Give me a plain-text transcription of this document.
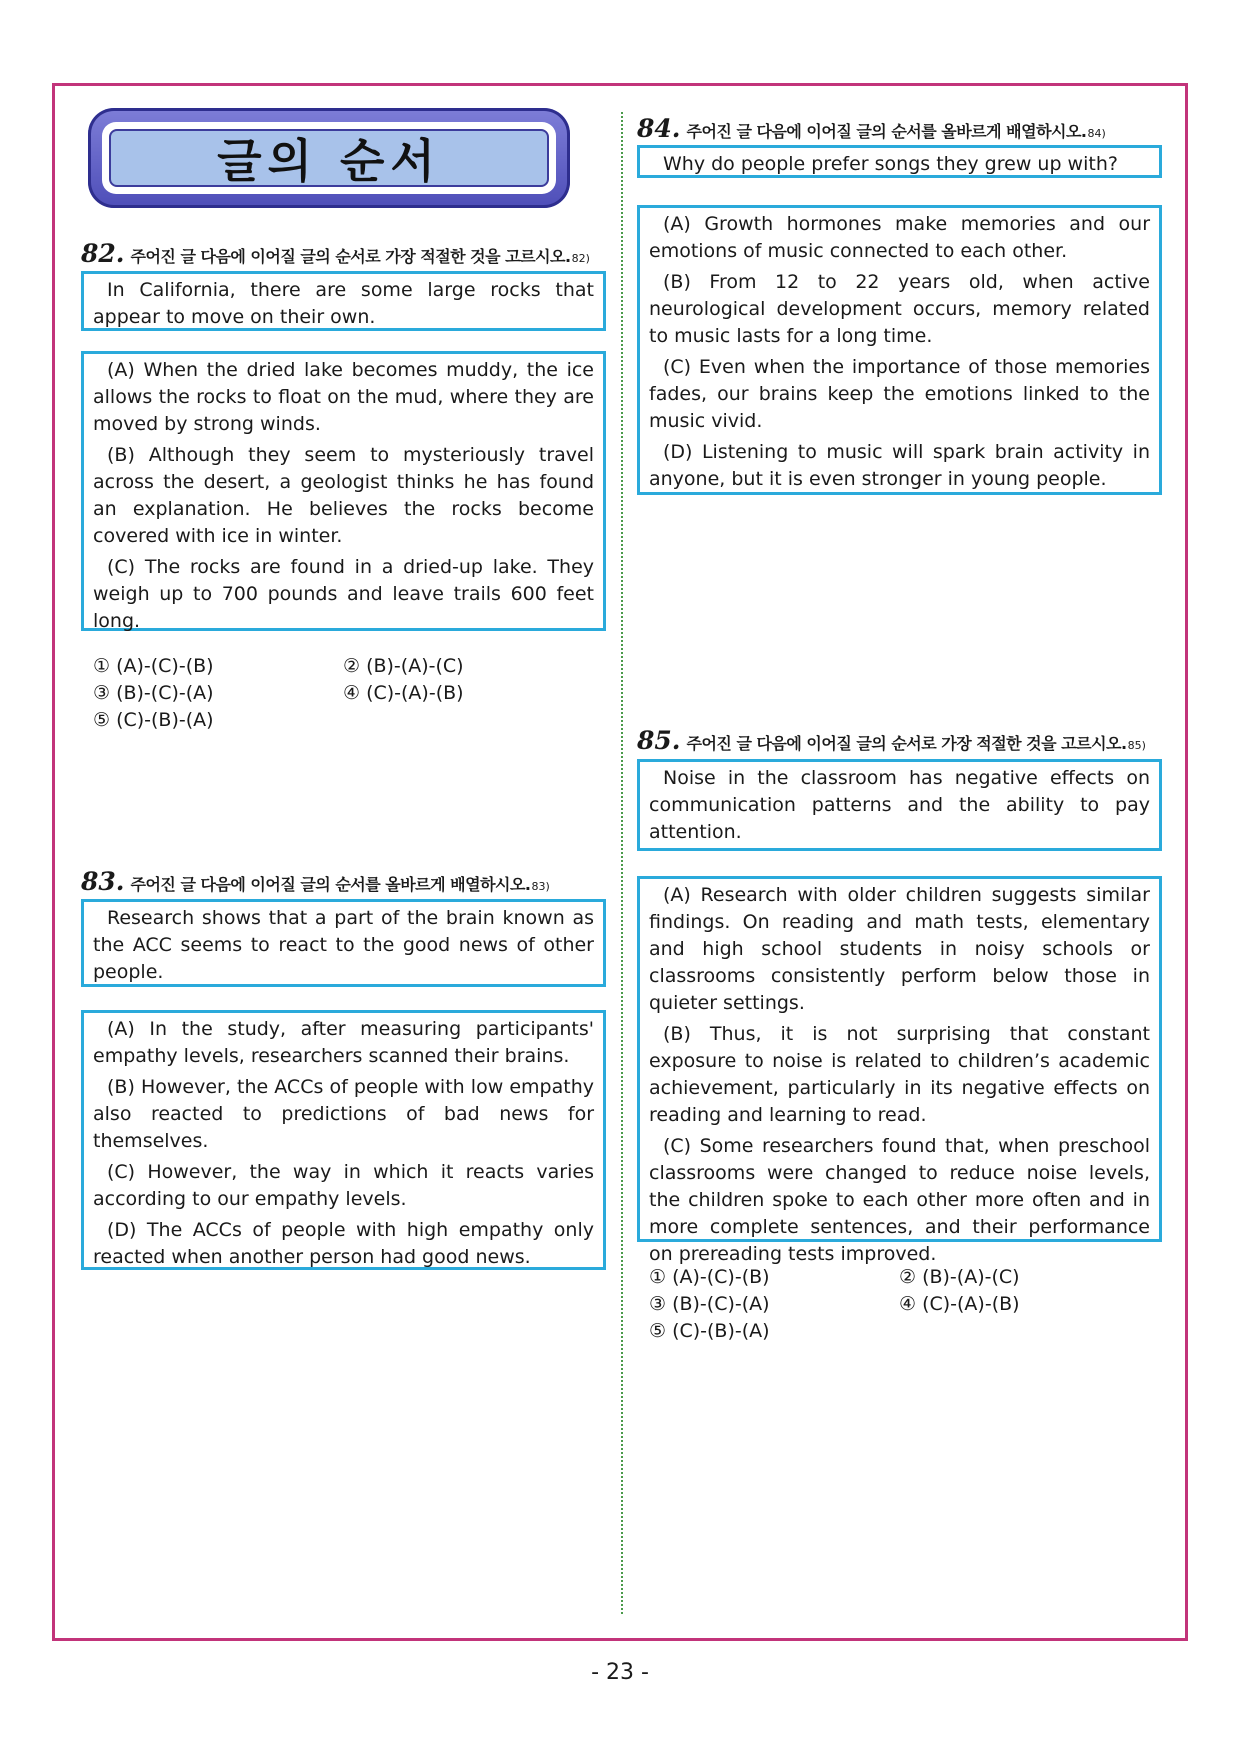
글의 순서
82. 주어진 글 다음에 이어질 글의 순서로 가장 적절한 것을 고르시오. 82)
In California, there are some large rocks that appear to move on their own.

(A) When the dried lake becomes muddy, the ice allows the rocks to float on the mud, where they are moved by strong winds.

(B) Although they seem to mysteriously travel across the desert, a geologist thinks he has found an explanation. He believes the rocks become covered with ice in winter.

(C) The rocks are found in a dried-up lake. They weigh up to 700 pounds and leave trails 600 feet long.

① (A)-(C)-(B)	② (B)-(A)-(C)
③ (B)-(C)-(A)	④ (C)-(A)-(B)
⑤ (C)-(B)-(A)
83. 주어진 글 다음에 이어질 글의 순서를 올바르게 배열하시오. 83)
Research shows that a part of the brain known as the ACC seems to react to the good news of other people.

(A) In the study, after measuring participants' empathy levels, researchers scanned their brains.

(B) However, the ACCs of people with low empathy also reacted to predictions of bad news for themselves.

(C) However, the way in which it reacts varies according to our empathy levels.

(D) The ACCs of people with high empathy only reacted when another person had good news.

84. 주어진 글 다음에 이어질 글의 순서를 올바르게 배열하시오. 84)
Why do people prefer songs they grew up with?

(A) Growth hormones make memories and our emotions of music connected to each other.

(B) From 12 to 22 years old, when active neurological development occurs, memory related to music lasts for a long time.

(C) Even when the importance of those memories fades, our brains keep the emotions linked to the music vivid.

(D) Listening to music will spark brain activity in anyone, but it is even stronger in young people.

85. 주어진 글 다음에 이어질 글의 순서로 가장 적절한 것을 고르시오. 85)
Noise in the classroom has negative effects on communication patterns and the ability to pay attention.

(A) Research with older children suggests similar findings. On reading and math tests, elementary and high school students in noisy schools or classrooms consistently perform below those in quieter settings.

(B) Thus, it is not surprising that constant exposure to noise is related to children’s academic achievement, particularly in its negative effects on reading and learning to read.

(C) Some researchers found that, when preschool classrooms were changed to reduce noise levels, the children spoke to each other more often and in more complete sentences, and their performance on prereading tests improved.

① (A)-(C)-(B)	② (B)-(A)-(C)
③ (B)-(C)-(A)	④ (C)-(A)-(B)
⑤ (C)-(B)-(A)
- 23 -
